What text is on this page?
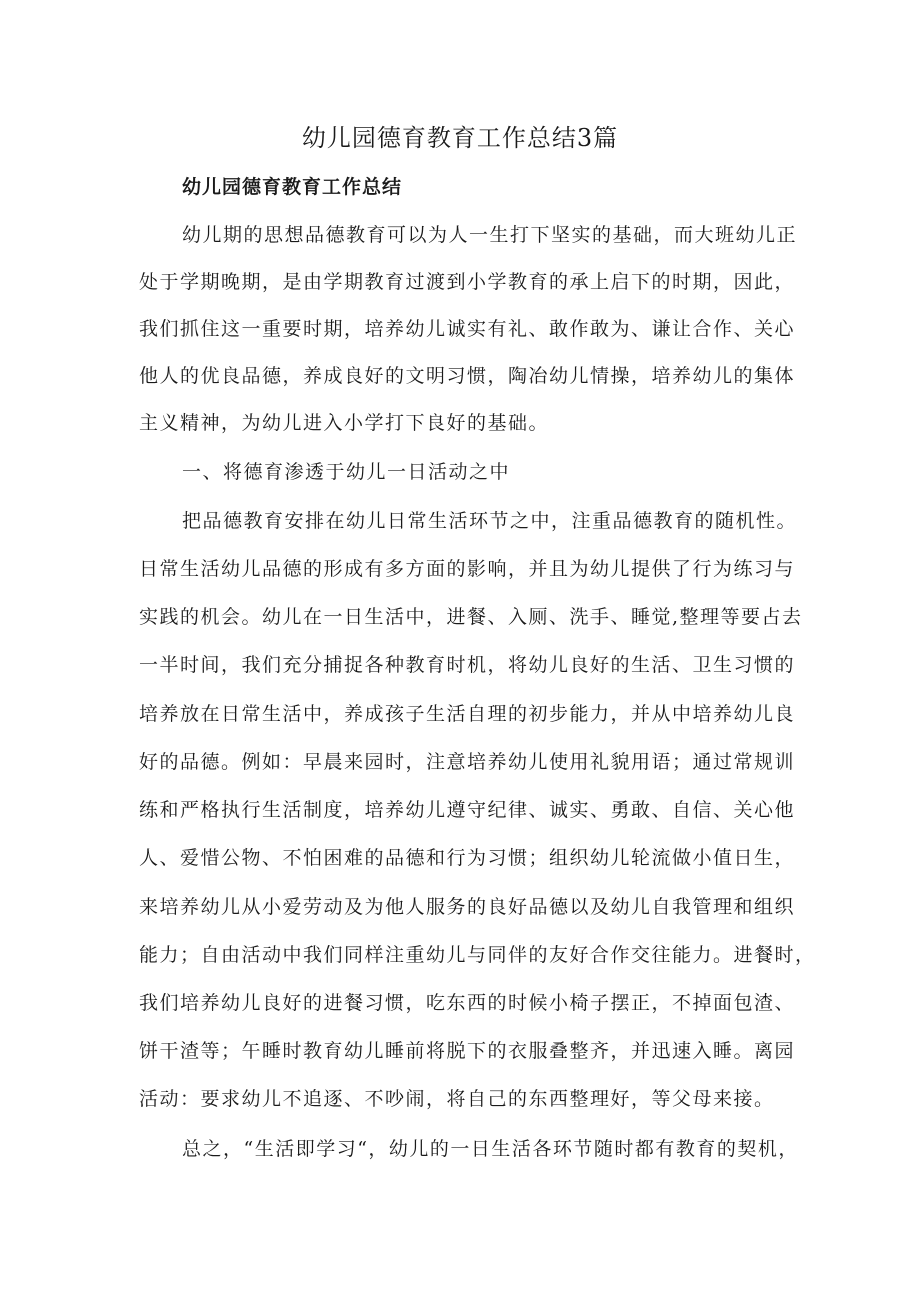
幼儿园德育教育工作总结3篇
幼儿园德育教育工作总结
幼儿期的思想品德教育可以为人一生打下坚实的基础，而大班幼儿正
处于学期晚期，是由学期教育过渡到小学教育的承上启下的时期，因此，
我们抓住这一重要时期，培养幼儿诚实有礼、敢作敢为、谦让合作、关心
他人的优良品德，养成良好的文明习惯，陶冶幼儿情操，培养幼儿的集体
主义精神，为幼儿进入小学打下良好的基础。
一、将德育渗透于幼儿一日活动之中
把品德教育安排在幼儿日常生活环节之中，注重品德教育的随机性。
日常生活幼儿品德的形成有多方面的影响，并且为幼儿提供了行为练习与
实践的机会。幼儿在一日生活中，进餐、入厕、洗手、睡觉,整理等要占去
一半时间，我们充分捕捉各种教育时机，将幼儿良好的生活、卫生习惯的
培养放在日常生活中，养成孩子生活自理的初步能力，并从中培养幼儿良
好的品德。例如：早晨来园时，注意培养幼儿使用礼貌用语；通过常规训
练和严格执行生活制度，培养幼儿遵守纪律、诚实、勇敢、自信、关心他
人、爱惜公物、不怕困难的品德和行为习惯；组织幼儿轮流做小值日生，
来培养幼儿从小爱劳动及为他人服务的良好品德以及幼儿自我管理和组织
能力；自由活动中我们同样注重幼儿与同伴的友好合作交往能力。进餐时，
我们培养幼儿良好的进餐习惯，吃东西的时候小椅子摆正，不掉面包渣、
饼干渣等；午睡时教育幼儿睡前将脱下的衣服叠整齐，并迅速入睡。离园
活动：要求幼儿不追逐、不吵闹，将自己的东西整理好，等父母来接。
总之，“生活即学习“，幼儿的一日生活各环节随时都有教育的契机，
